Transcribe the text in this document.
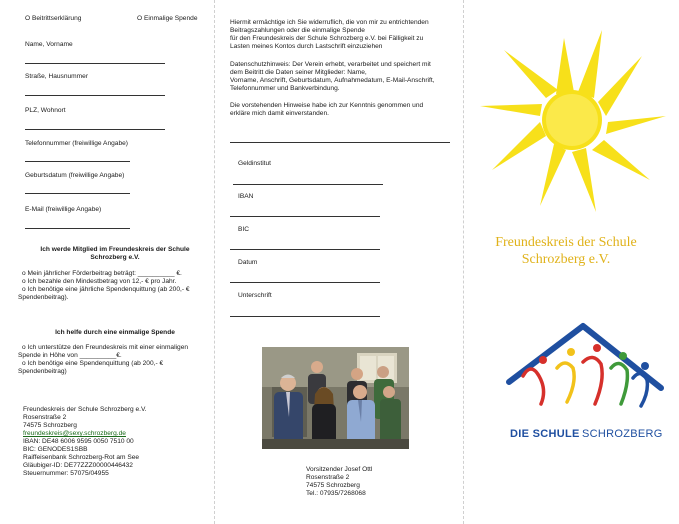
O Beitrittserklärung	O Einmalige Spende
Name, Vorname
Straße, Hausnummer
PLZ, Wohnort
Telefonnummer (freiwillige Angabe)
Geburtsdatum (freiwillige Angabe)
E-Mail (freiwillige Angabe)
Ich werde Mitglied im Freundeskreis der Schule
Schrozberg e.V.
o Mein jährlicher Förderbeitrag beträgt: __________ €.
o Ich bezahle den Mindestbetrag von 12,- € pro Jahr.
o Ich benötige eine jährliche Spendenquittung (ab 200,- €
Spendenbeitrag).
Ich helfe durch eine einmalige Spende
o Ich unterstütze den Freundeskreis mit einer einmaligen
Spende in Höhe von __________€.
o Ich benötige eine Spendenquittung (ab 200,- €
Spendenbeitrag)
Freundeskreis der Schule Schrozberg e.V.
Rosenstraße 2
74575 Schrozberg
freundeskreis@sexy.schrozberg.de
IBAN: DE48 6006 9595 0050 7510 00
BIC: GENODES1SBB
Raiffeisenbank Schrozberg-Rot am See
Gläubiger-ID: DE77ZZZ00000446432
Steuernummer: 57075/04955
Hiermit ermächtige ich Sie widerruflich, die von mir zu entrichtenden
Beitragszahlungen oder die einmalige Spende
für den Freundeskreis der Schule Schrozberg e.V. bei Fälligkeit zu
Lasten meines Kontos durch Lastschrift einzuziehen
Datenschutzhinweis: Der Verein erhebt, verarbeitet und speichert mit
dem Beitritt die Daten seiner Mitglieder: Name,
Vorname, Anschrift, Geburtsdatum, Aufnahmedatum, E-Mail-Anschrift,
Telefonnummer und Bankverbindung.
Die vorstehenden Hinweise habe ich zur Kenntnis genommen und
erkläre mich damit einverstanden.
Geldinstitut
IBAN
BIC
Datum
Unterschrift
Vorsitzender Josef Ottl
Rosenstraße 2
74575 Schrozberg
Tel.: 07935/7268068
Freundeskreis der Schule
Schrozberg e.V.
DIE SCHULE SCHROZBERG
